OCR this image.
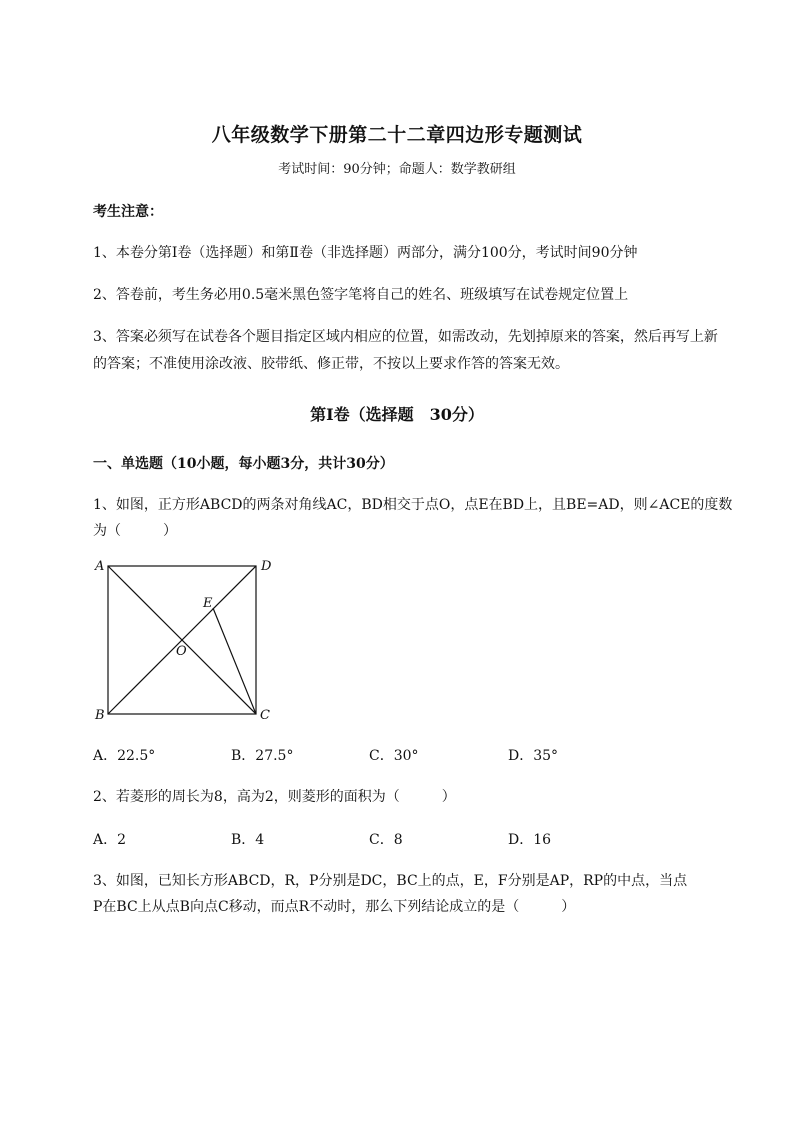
八年级数学下册第二十二章四边形专题测试
考试时间：90分钟；命题人：数学教研组
考生注意：
1、本卷分第I卷（选择题）和第Ⅱ卷（非选择题）两部分，满分100分，考试时间90分钟
2、答卷前，考生务必用0.5毫米黑色签字笔将自己的姓名、班级填写在试卷规定位置上
3、答案必须写在试卷各个题目指定区域内相应的位置，如需改动，先划掉原来的答案，然后再写上新
的答案；不准使用涂改液、胶带纸、修正带，不按以上要求作答的答案无效。
第I卷（选择题　30分）
一、单选题（10小题，每小题3分，共计30分）
1、如图，正方形ABCD的两条对角线AC，BD相交于点O，点E在BD上，且BE=AD，则∠ACE的度数
为（　　　）
A	D
B	C
E
O
A．22.5°	B．27.5°	C．30°	D．35°
2、若菱形的周长为8，高为2，则菱形的面积为（　　　）
A．2	B．4	C．8	D．16
3、如图，已知长方形ABCD，R，P分别是DC，BC上的点，E，F分别是AP，RP的中点，当点
P在BC上从点B向点C移动，而点R不动时，那么下列结论成立的是（　　　）
